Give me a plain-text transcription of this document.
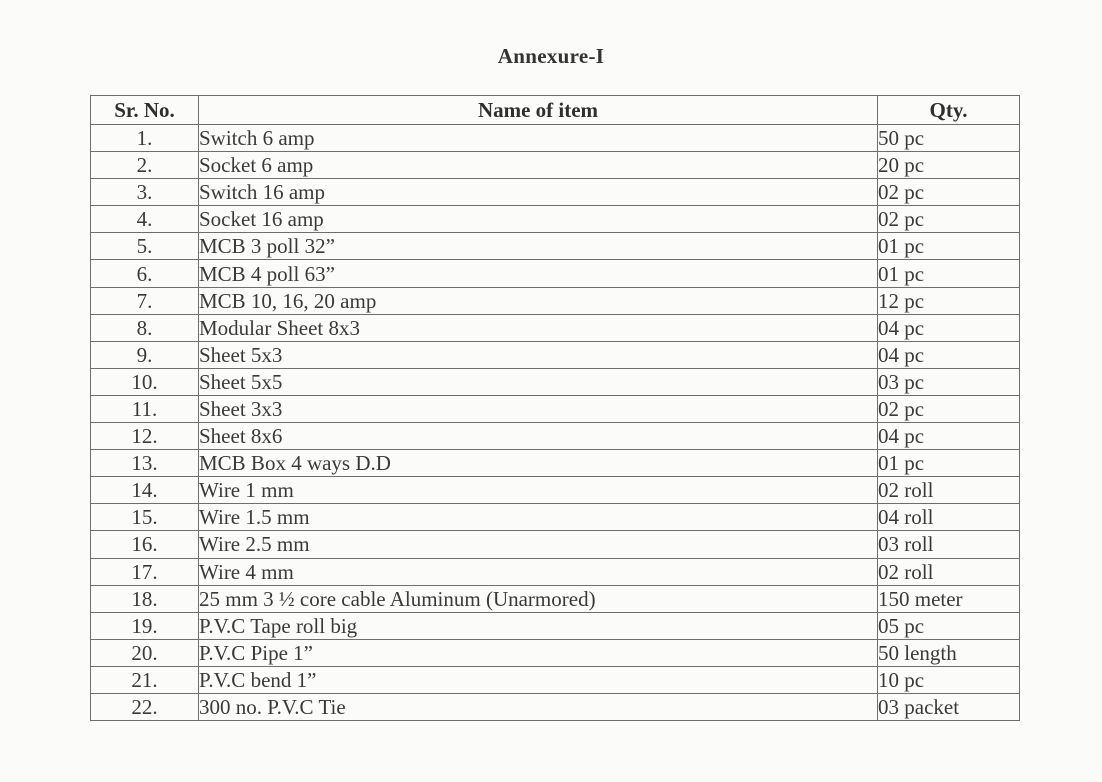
Annexure-I
Sr. No.	Name of item	Qty.
1.	Switch 6 amp	50 pc
2.	Socket 6 amp	20 pc
3.	Switch 16 amp	02 pc
4.	Socket 16 amp	02 pc
5.	MCB 3 poll 32”	01 pc
6.	MCB 4 poll 63”	01 pc
7.	MCB 10, 16, 20 amp	12 pc
8.	Modular Sheet 8x3	04 pc
9.	Sheet 5x3	04 pc
10.	Sheet 5x5	03 pc
11.	Sheet 3x3	02 pc
12.	Sheet 8x6	04 pc
13.	MCB Box 4 ways D.D	01 pc
14.	Wire 1 mm	02 roll
15.	Wire 1.5 mm	04 roll
16.	Wire 2.5 mm	03 roll
17.	Wire 4 mm	02 roll
18.	25 mm 3 ½ core cable Aluminum (Unarmored)	150 meter
19.	P.V.C Tape roll big	05 pc
20.	P.V.C Pipe 1”	50 length
21.	P.V.C bend 1”	10 pc
22.	300 no. P.V.C Tie	03 packet
